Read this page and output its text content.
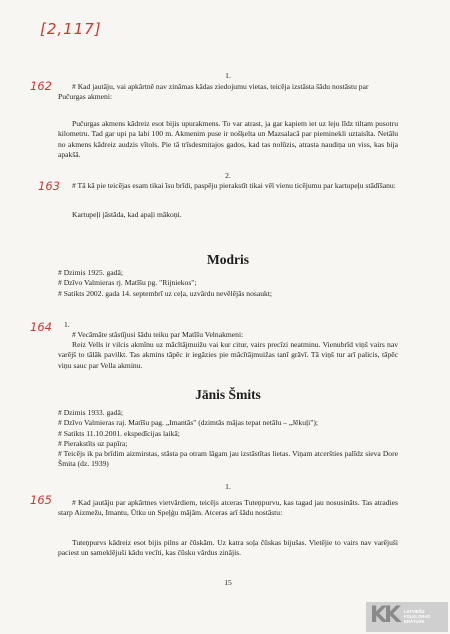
[2,117]
1.
162	# Kad jautāju, vai apkārtnē nav zināmas kādas ziedojumu vietas, teicēja izstāsta šādu nostāstu par Pučurgas akmeni:

Pučurgas akmens kādreiz esot bijis upurakmens. To var atrast, ja gar kapiem iet uz leju līdz tiltam pusotru kilometru. Tad gar upi pa labi 100 m. Akmenim puse ir nošķelta un Mazsalacā par pieminekli uztaisīta. Netālu no akmens kādreiz audzis vītols. Pie tā trīsdesmitajos gados, kad tas nolūzis, atrasta naudiņa un viss, kas bija apakšā.

2.
163	# Tā kā pie teicējas esam tikai īsu brīdi, paspēju pierakstīt tikai vēl vienu ticējumu par kartupeļu stādīšanu:

Kartupeļi jāstāda, kad apaļi mākoņi.

Modris

# Dzimis 1925. gadā;

# Dzīvo Valmieras rj. Matīšu pg. "Rijniekos";

# Satikts 2002. gada 14. septembrī uz ceļa, uzvārdu nevēlējās nosaukt;

1.
164

# Vecāmāte stāstījusi šādu teiku par Matīšu Velnakmeni:

Reiz Vells ir vilcis akmīnu uz mācītājmuižu vai kur citur, vairs precīzi neatminu. Vienubrīd viņš vairs nav varējš to tālāk pavilkt. Tas akmins tāpēc ir iegāzies pie mācītājmuižas tanī grāvī. Tā viņš tur arī palicis, tāpēc viņu sauc par Vella akminu.

Jānis Šmits

# Dzimis 1933. gadā;

# Dzīvo Valmieras raj. Matīšu pag. „Imantās" (dzimtās mājas tepat netālu – „Jēkuļi");

# Satikts 11.10.2001. ekspedīcijas laikā;

# Pierakstīts uz papīra;

# Teicējs ik pa brīdim aizmirstas, stāsta pa otram lāgam jau izstāstītas lietas. Viņam atceršties palīdz sieva Dore Šmita (dz. 1939)

1.
165	# Kad jautāju par apkārtnes vietvārdiem, teicējs atceras Tuteņpurvu, kas tagad jau nosusināts. Tas atradies starp Aizmežu, Imantu, Ūtku un Speļģu mājām. Atceras arī šādu nostāstu:

Tuteņpurvs kādreiz esot bijis pilns ar čūskām. Uz katra soļa čūskas bijušas. Vietējie to vairs nav varējuši paciest un sameklējuši kādu vecīti, kas čūsku vārdus zinājis.

15
KK LATVIEŠU
FOLKLORAS
KRĀTUVE
